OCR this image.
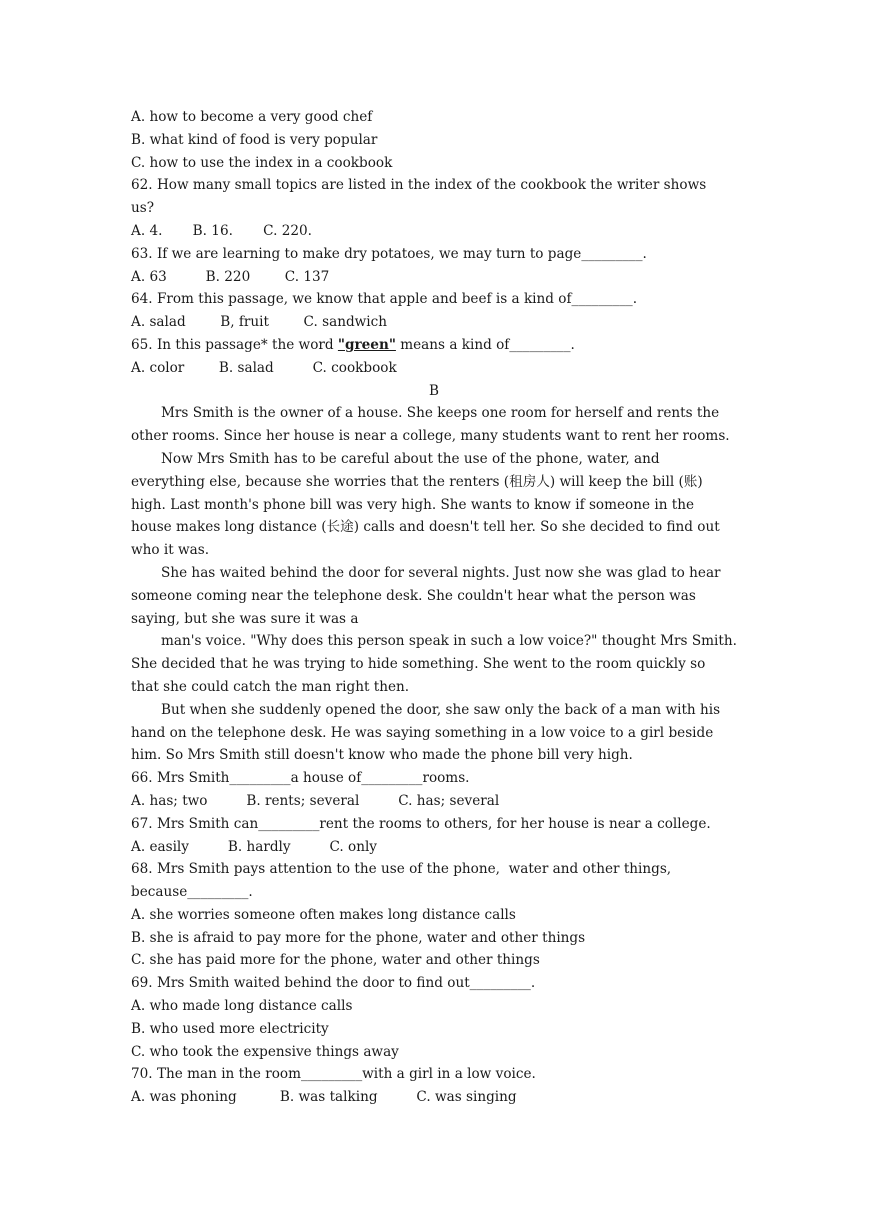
A. how to become a very good chef
B. what kind of food is very popular
C. how to use the index in a cookbook
62. How many small topics are listed in the index of the cookbook the writer shows
us?
A. 4.       B. 16.       C. 220.
63. If we are learning to make dry potatoes, we may turn to page_________.
A. 63         B. 220        C. 137
64. From this passage, we know that apple and beef is a kind of_________.
A. salad        B, fruit        C. sandwich
65. In this passage* the word "green" means a kind of_________.
A. color        B. salad         C. cookbook
B
Mrs Smith is the owner of a house. She keeps one room for herself and rents the other rooms. Since her house is near a college, many students want to rent her rooms.
Now Mrs Smith has to be careful about the use of the phone, water, and everything else, because she worries that the renters (租房人) will keep the bill (账) high. Last month's phone bill was very high. She wants to know if someone in the house makes long distance (长途) calls and doesn't tell her. So she decided to find out who it was.
She has waited behind the door for several nights. Just now she was glad to hear someone coming near the telephone desk. She couldn't hear what the person was saying, but she was sure it was a
man's voice. "Why does this person speak in such a low voice?" thought Mrs Smith. She decided that he was trying to hide something. She went to the room quickly so that she could catch the man right then.
But when she suddenly opened the door, she saw only the back of a man with his hand on the telephone desk. He was saying something in a low voice to a girl beside him. So Mrs Smith still doesn't know who made the phone bill very high.
66. Mrs Smith_________a house of_________rooms.
A. has; two         B. rents; several         C. has; several
67. Mrs Smith can_________rent the rooms to others, for her house is near a college.
A. easily         B. hardly         C. only
68. Mrs Smith pays attention to the use of the phone,  water and other things,
because_________.
A. she worries someone often makes long distance calls
B. she is afraid to pay more for the phone, water and other things
C. she has paid more for the phone, water and other things
69. Mrs Smith waited behind the door to find out_________.
A. who made long distance calls
B. who used more electricity
C. who took the expensive things away
70. The man in the room_________with a girl in a low voice.
A. was phoning          B. was talking         C. was singing
